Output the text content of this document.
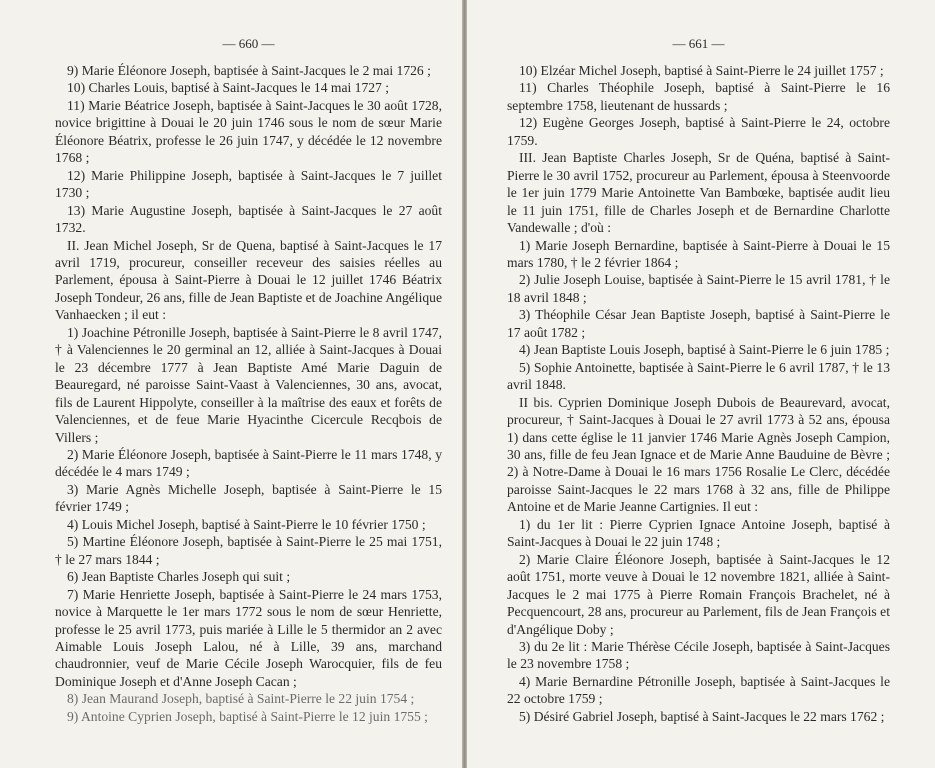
— 660 —

9) Marie Éléonore Joseph, baptisée à Saint-Jacques le 2 mai 1726 ;

10) Charles Louis, baptisé à Saint-Jacques le 14 mai 1727 ;

11) Marie Béatrice Joseph, baptisée à Saint-Jacques le 30 août 1728, novice brigittine à Douai le 20 juin 1746 sous le nom de sœur Marie Éléonore Béatrix, professe le 26 juin 1747, y décédée le 12 novembre 1768 ;

12) Marie Philippine Joseph, baptisée à Saint-Jacques le 7 juillet 1730 ;

13) Marie Augustine Joseph, baptisée à Saint-Jacques le 27 août 1732.

II. Jean Michel Joseph, Sr de Quena, baptisé à Saint-Jacques le 17 avril 1719, procureur, conseiller receveur des saisies réelles au Parlement, épousa à Saint-Pierre à Douai le 12 juillet 1746 Béatrix Joseph Tondeur, 26 ans, fille de Jean Baptiste et de Joachine Angélique Vanhaecken ; il eut :

1) Joachine Pétronille Joseph, baptisée à Saint-Pierre le 8 avril 1747, † à Valenciennes le 20 germinal an 12, alliée à Saint-Jacques à Douai le 23 décembre 1777 à Jean Baptiste Amé Marie Daguin de Beauregard, né paroisse Saint-Vaast à Valenciennes, 30 ans, avocat, fils de Laurent Hippolyte, conseiller à la maîtrise des eaux et forêts de Valenciennes, et de feue Marie Hyacinthe Cicercule Recqbois de Villers ;

2) Marie Éléonore Joseph, baptisée à Saint-Pierre le 11 mars 1748, y décédée le 4 mars 1749 ;

3) Marie Agnès Michelle Joseph, baptisée à Saint-Pierre le 15 février 1749 ;

4) Louis Michel Joseph, baptisé à Saint-Pierre le 10 février 1750 ;

5) Martine Éléonore Joseph, baptisée à Saint-Pierre le 25 mai 1751, † le 27 mars 1844 ;

6) Jean Baptiste Charles Joseph qui suit ;

7) Marie Henriette Joseph, baptisée à Saint-Pierre le 24 mars 1753, novice à Marquette le 1er mars 1772 sous le nom de sœur Henriette, professe le 25 avril 1773, puis mariée à Lille le 5 thermidor an 2 avec Aimable Louis Joseph Lalou, né à Lille, 39 ans, marchand chaudronnier, veuf de Marie Cécile Joseph Warocquier, fils de feu Dominique Joseph et d'Anne Joseph Cacan ;

8) Jean Maurand Joseph, baptisé à Saint-Pierre le 22 juin 1754 ;

9) Antoine Cyprien Joseph, baptisé à Saint-Pierre le 12 juin 1755 ;

— 661 —

10) Elzéar Michel Joseph, baptisé à Saint-Pierre le 24 juillet 1757 ;

11) Charles Théophile Joseph, baptisé à Saint-Pierre le 16 septembre 1758, lieutenant de hussards ;

12) Eugène Georges Joseph, baptisé à Saint-Pierre le 24, octobre 1759.

III. Jean Baptiste Charles Joseph, Sr de Quéna, baptisé à Saint-Pierre le 30 avril 1752, procureur au Parlement, épousa à Steenvoorde le 1er juin 1779 Marie Antoinette Van Bambœke, baptisée audit lieu le 11 juin 1751, fille de Charles Joseph et de Bernardine Charlotte Vandewalle ; d'où :

1) Marie Joseph Bernardine, baptisée à Saint-Pierre à Douai le 15 mars 1780, † le 2 février 1864 ;

2) Julie Joseph Louise, baptisée à Saint-Pierre le 15 avril 1781, † le 18 avril 1848 ;

3) Théophile César Jean Baptiste Joseph, baptisé à Saint-Pierre le 17 août 1782 ;

4) Jean Baptiste Louis Joseph, baptisé à Saint-Pierre le 6 juin 1785 ;

5) Sophie Antoinette, baptisée à Saint-Pierre le 6 avril 1787, † le 13 avril 1848.

II bis. Cyprien Dominique Joseph Dubois de Beaurevard, avocat, procureur, † Saint-Jacques à Douai le 27 avril 1773 à 52 ans, épousa 1) dans cette église le 11 janvier 1746 Marie Agnès Joseph Campion, 30 ans, fille de feu Jean Ignace et de Marie Anne Bauduine de Bèvre ; 2) à Notre-Dame à Douai le 16 mars 1756 Rosalie Le Clerc, décédée paroisse Saint-Jacques le 22 mars 1768 à 32 ans, fille de Philippe Antoine et de Marie Jeanne Cartignies. Il eut :

1) du 1er lit : Pierre Cyprien Ignace Antoine Joseph, baptisé à Saint-Jacques à Douai le 22 juin 1748 ;

2) Marie Claire Éléonore Joseph, baptisée à Saint-Jacques le 12 août 1751, morte veuve à Douai le 12 novembre 1821, alliée à Saint-Jacques le 2 mai 1775 à Pierre Romain François Brachelet, né à Pecquencourt, 28 ans, procureur au Parlement, fils de Jean François et d'Angélique Doby ;

3) du 2e lit : Marie Thérèse Cécile Joseph, baptisée à Saint-Jacques le 23 novembre 1758 ;

4) Marie Bernardine Pétronille Joseph, baptisée à Saint-Jacques le 22 octobre 1759 ;

5) Désiré Gabriel Joseph, baptisé à Saint-Jacques le 22 mars 1762 ;
